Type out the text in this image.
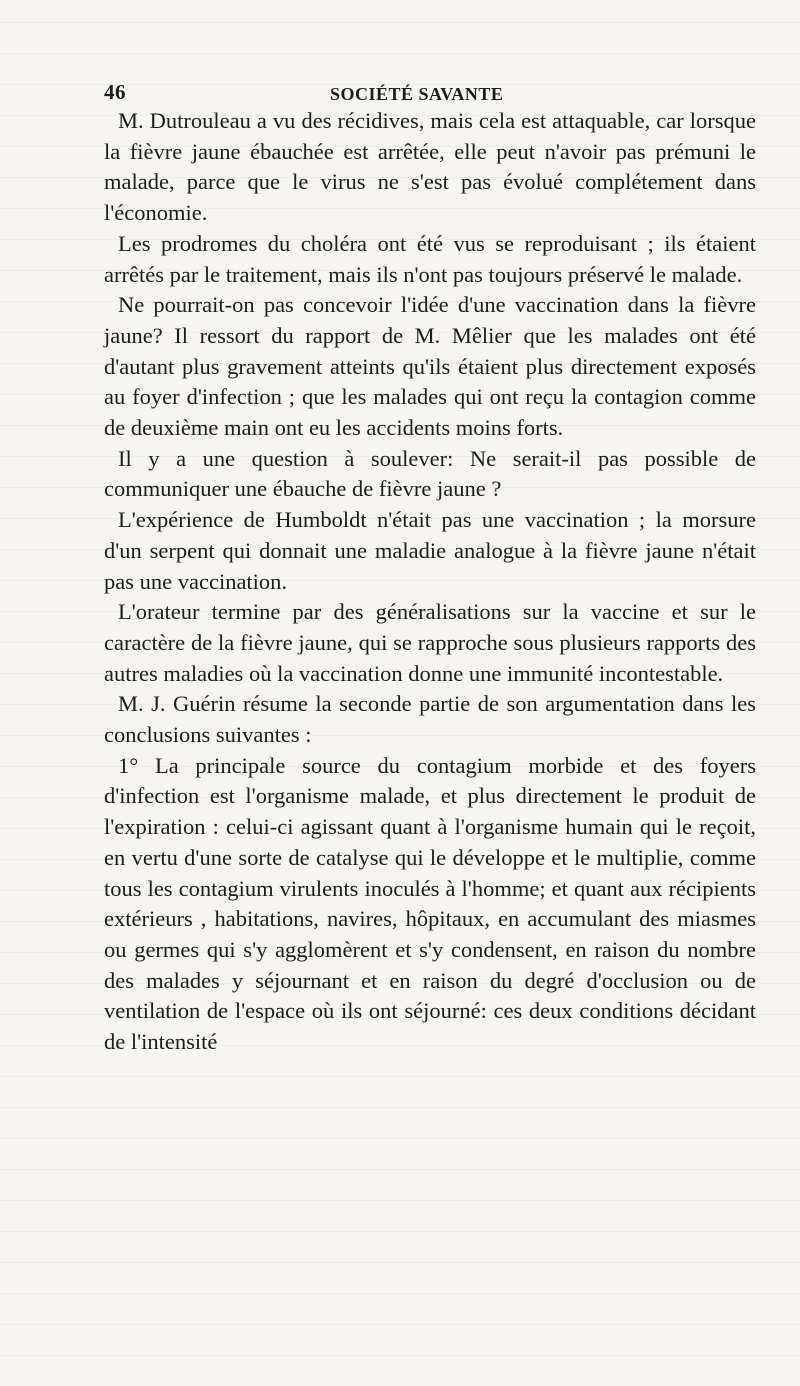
46	SOCIÉTÉ SAVANTE

M. Dutrouleau a vu des récidives, mais cela est attaquable, car lorsque la fièvre jaune ébauchée est arrêtée, elle peut n'avoir pas prémuni le malade, parce que le virus ne s'est pas évolué complétement dans l'économie.

Les prodromes du choléra ont été vus se reproduisant ; ils étaient arrêtés par le traitement, mais ils n'ont pas toujours préservé le malade.

Ne pourrait-on pas concevoir l'idée d'une vaccination dans la fièvre jaune? Il ressort du rapport de M. Mêlier que les malades ont été d'autant plus gravement atteints qu'ils étaient plus directement exposés au foyer d'infection ; que les malades qui ont reçu la contagion comme de deuxième main ont eu les accidents moins forts.

Il y a une question à soulever: Ne serait-il pas possible de communiquer une ébauche de fièvre jaune ?

L'expérience de Humboldt n'était pas une vaccination ; la morsure d'un serpent qui donnait une maladie analogue à la fièvre jaune n'était pas une vaccination.

L'orateur termine par des généralisations sur la vaccine et sur le caractère de la fièvre jaune, qui se rapproche sous plusieurs rapports des autres maladies où la vaccination donne une immunité incontestable.

M. J. Guérin résume la seconde partie de son argumentation dans les conclusions suivantes :

1° La principale source du contagium morbide et des foyers d'infection est l'organisme malade, et plus directement le produit de l'expiration : celui-ci agissant quant à l'organisme humain qui le reçoit, en vertu d'une sorte de catalyse qui le développe et le multiplie, comme tous les contagium virulents inoculés à l'homme; et quant aux récipients extérieurs , habitations, navires, hôpitaux, en accumulant des miasmes ou germes qui s'y agglomèrent et s'y condensent, en raison du nombre des malades y séjournant et en raison du degré d'occlusion ou de ventilation de l'espace où ils ont séjourné: ces deux conditions décidant de l'intensité
